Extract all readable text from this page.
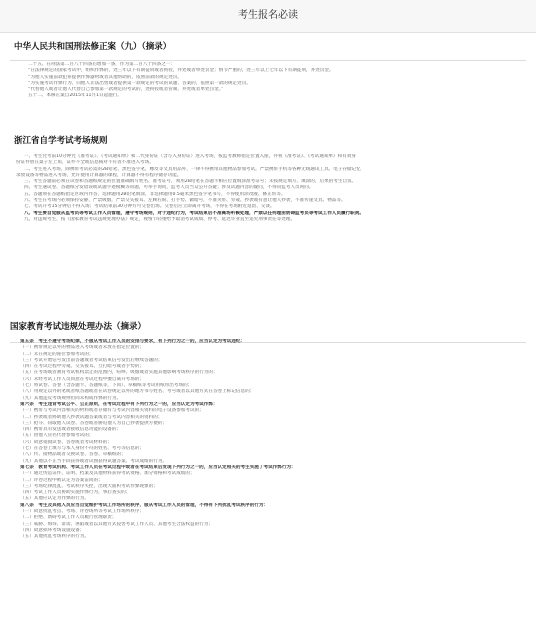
考生报名必读
中华人民共和国刑法修正案（九）（摘录）

二十五、在刑法第二百八十四条后增加一条，作为第二百八十四条之一：

“在法律规定的国家考试中，组织作弊的，处三年以下有期徒刑或者拘役，并处或者单处罚金；情节严重的，处三年以上七年以下有期徒刑，并处罚金。

“为他人实施前款犯罪提供作弊器材或者其他帮助的，依照前款的规定处罚。

“为实施考试作弊行为，向他人非法出售或者提供第一款规定的考试的试题、答案的，依照第一款的规定处罚。

“代替他人或者让他人代替自己参加第一款规定的考试的，处拘役或者管制，并处或者单处罚金。”

五十二、本修正案自2015年11月1日起施行。

浙江省自学考试考场规则

一、考生凭考前10分钟凭《准考证》、《考试通知单》和二代身份证（含写入身份证）进入考场，按监考教师指定位置入座，并将《准考证》、《考试通知单》和有效身

份证件放在桌子左上角，证件不全或信息核对不符者不准进入考场。

二、考生进入考场，除携带考试必需的2B铅笔、黑色签字笔、橡皮等文具用品外，一律不得携带其他物品参加考试。严禁携带手机等各种无线通讯工具、电子存储记忆

录放设备等物品进入考场，允许使用计算器的课程，计算器不得有程序储存功能。

三、考生答题前必须在试卷和答题纸规定的位置准确填写姓名、准考证号，须用2B铅笔在答题卡相应位置填涂准考证号；未按规定填写、填涂的，后果由考生自负。

四、考生遇试卷、答题纸分发错误或试题字迹模糊等问题，可举手询问，监考人员当众公开答疑；涉及试题内容的疑问，不得向监考人员询问。

五、答题须在答题纸指定区域内作答，选择题用2B铅笔填涂，非选择题用0.5毫米黑色签字笔书写，不得使用涂改液、修正带等。

六、考生在考场内必须保持安静，严禁吸烟，严禁交头接耳、左顾右盼、打手势、做暗号，不准夹带、旁窥、抄袭或有意让他人抄袭，不准传递文具、物品等。

七、考试开考15分钟后不得入场；考试结束前30分钟方可交卷出场。交卷后应立即离开考场，不得在考场附近逗留、交谈。

八、考生要自觉服从监考员等考试工作人员管理，遵守考场规则，对于违纪行为，考试结束后不准离场听候处理，严禁以任何理由妨碍监考员等考试工作人员履行职责。

九、对违规考生，按《国家教育考试违规处理办法》规定，视情节轻重给予取消考试成绩、停考、延迟毕业直至追究刑事责任等处理。

国家教育考试违规处理办法（摘录）

第五条　考生不遵守考场纪律，不服从考试工作人员的安排与要求，有下列行为之一的，应当认定为考试违纪：

（一）携带规定以外的物品进入考场或者未放在指定位置的；

（二）未在规定的座位参加考试的；

（三）考试开始信号发出前答题或者考试结束信号发出后继续答题的；

（四）在考试过程中旁窥、交头接耳、互打暗号或者手势的；

（五）在考场或者教育考试机构禁止的范围内，喧哗、吸烟或者实施其他影响考场秩序的行为的；

（六）未经考试工作人员同意在考试过程中擅自离开考场的；

（七）将试卷、答卷（含答题卡、答题纸等，下同）、草稿纸等考试用纸带出考场的；

（八）用规定以外的笔或者纸答题或者在试卷规定以外的地方书写姓名、考号或者以其他方式在答卷上标记信息的；

（九）其他违反考场规则但尚未构成作弊的行为。

第六条　考生违背考试公平、公正原则，在考试过程中有下列行为之一的，应当认定为考试作弊：

（一）携带与考试内容相关的材料或者存储有与考试内容相关资料的电子设备参加考试的；

（二）抄袭或者协助他人抄袭试题答案或者与考试内容相关的资料的；

（三）抢夺、窃取他人试卷、答卷或者胁迫他人为自己抄袭提供方便的；

（四）携带具有发送或者接收信息功能的设备的；

（五）由他人冒名代替参加考试的；

（六）故意销毁试卷、答卷或者考试材料的；

（七）在答卷上填写与本人身份不符的姓名、考号等信息的；

（八）传、接物品或者交换试卷、答卷、草稿纸的；

（九）其他以不正当手段获得或者试图获得试题答案、考试成绩的行为。

第七条　教育考试机构、考试工作人员在考试过程中或者在考试结束后发现下列行为之一的，应当认定相关的考生实施了考试作弊行为：

（一）通过伪造证件、证明、档案及其他材料获得考试资格、加分资格和考试成绩的；

（二）评卷过程中被认定为答案雷同的；

（三）考场纪律混乱、考试秩序失控，出现大面积考试作弊现象的；

（四）考试工作人员协助实施作弊行为，事后查实的；

（五）其他应认定为作弊的行为。

第八条　考生及其他人员应当自觉维护考试工作场所的秩序，服从考试工作人员的管理，不得有下列扰乱考试秩序的行为：

（一）故意扰乱考点、考场、评卷场所等考试工作场所秩序；

（二）拒绝、妨碍考试工作人员履行管理职责；

（三）威胁、侮辱、诽谤、诬陷或者以其他方式侵害考试工作人员、其他考生合法权益的行为；

（四）故意损坏考场设施设备；

（五）其他扰乱考场秩序的行为。
